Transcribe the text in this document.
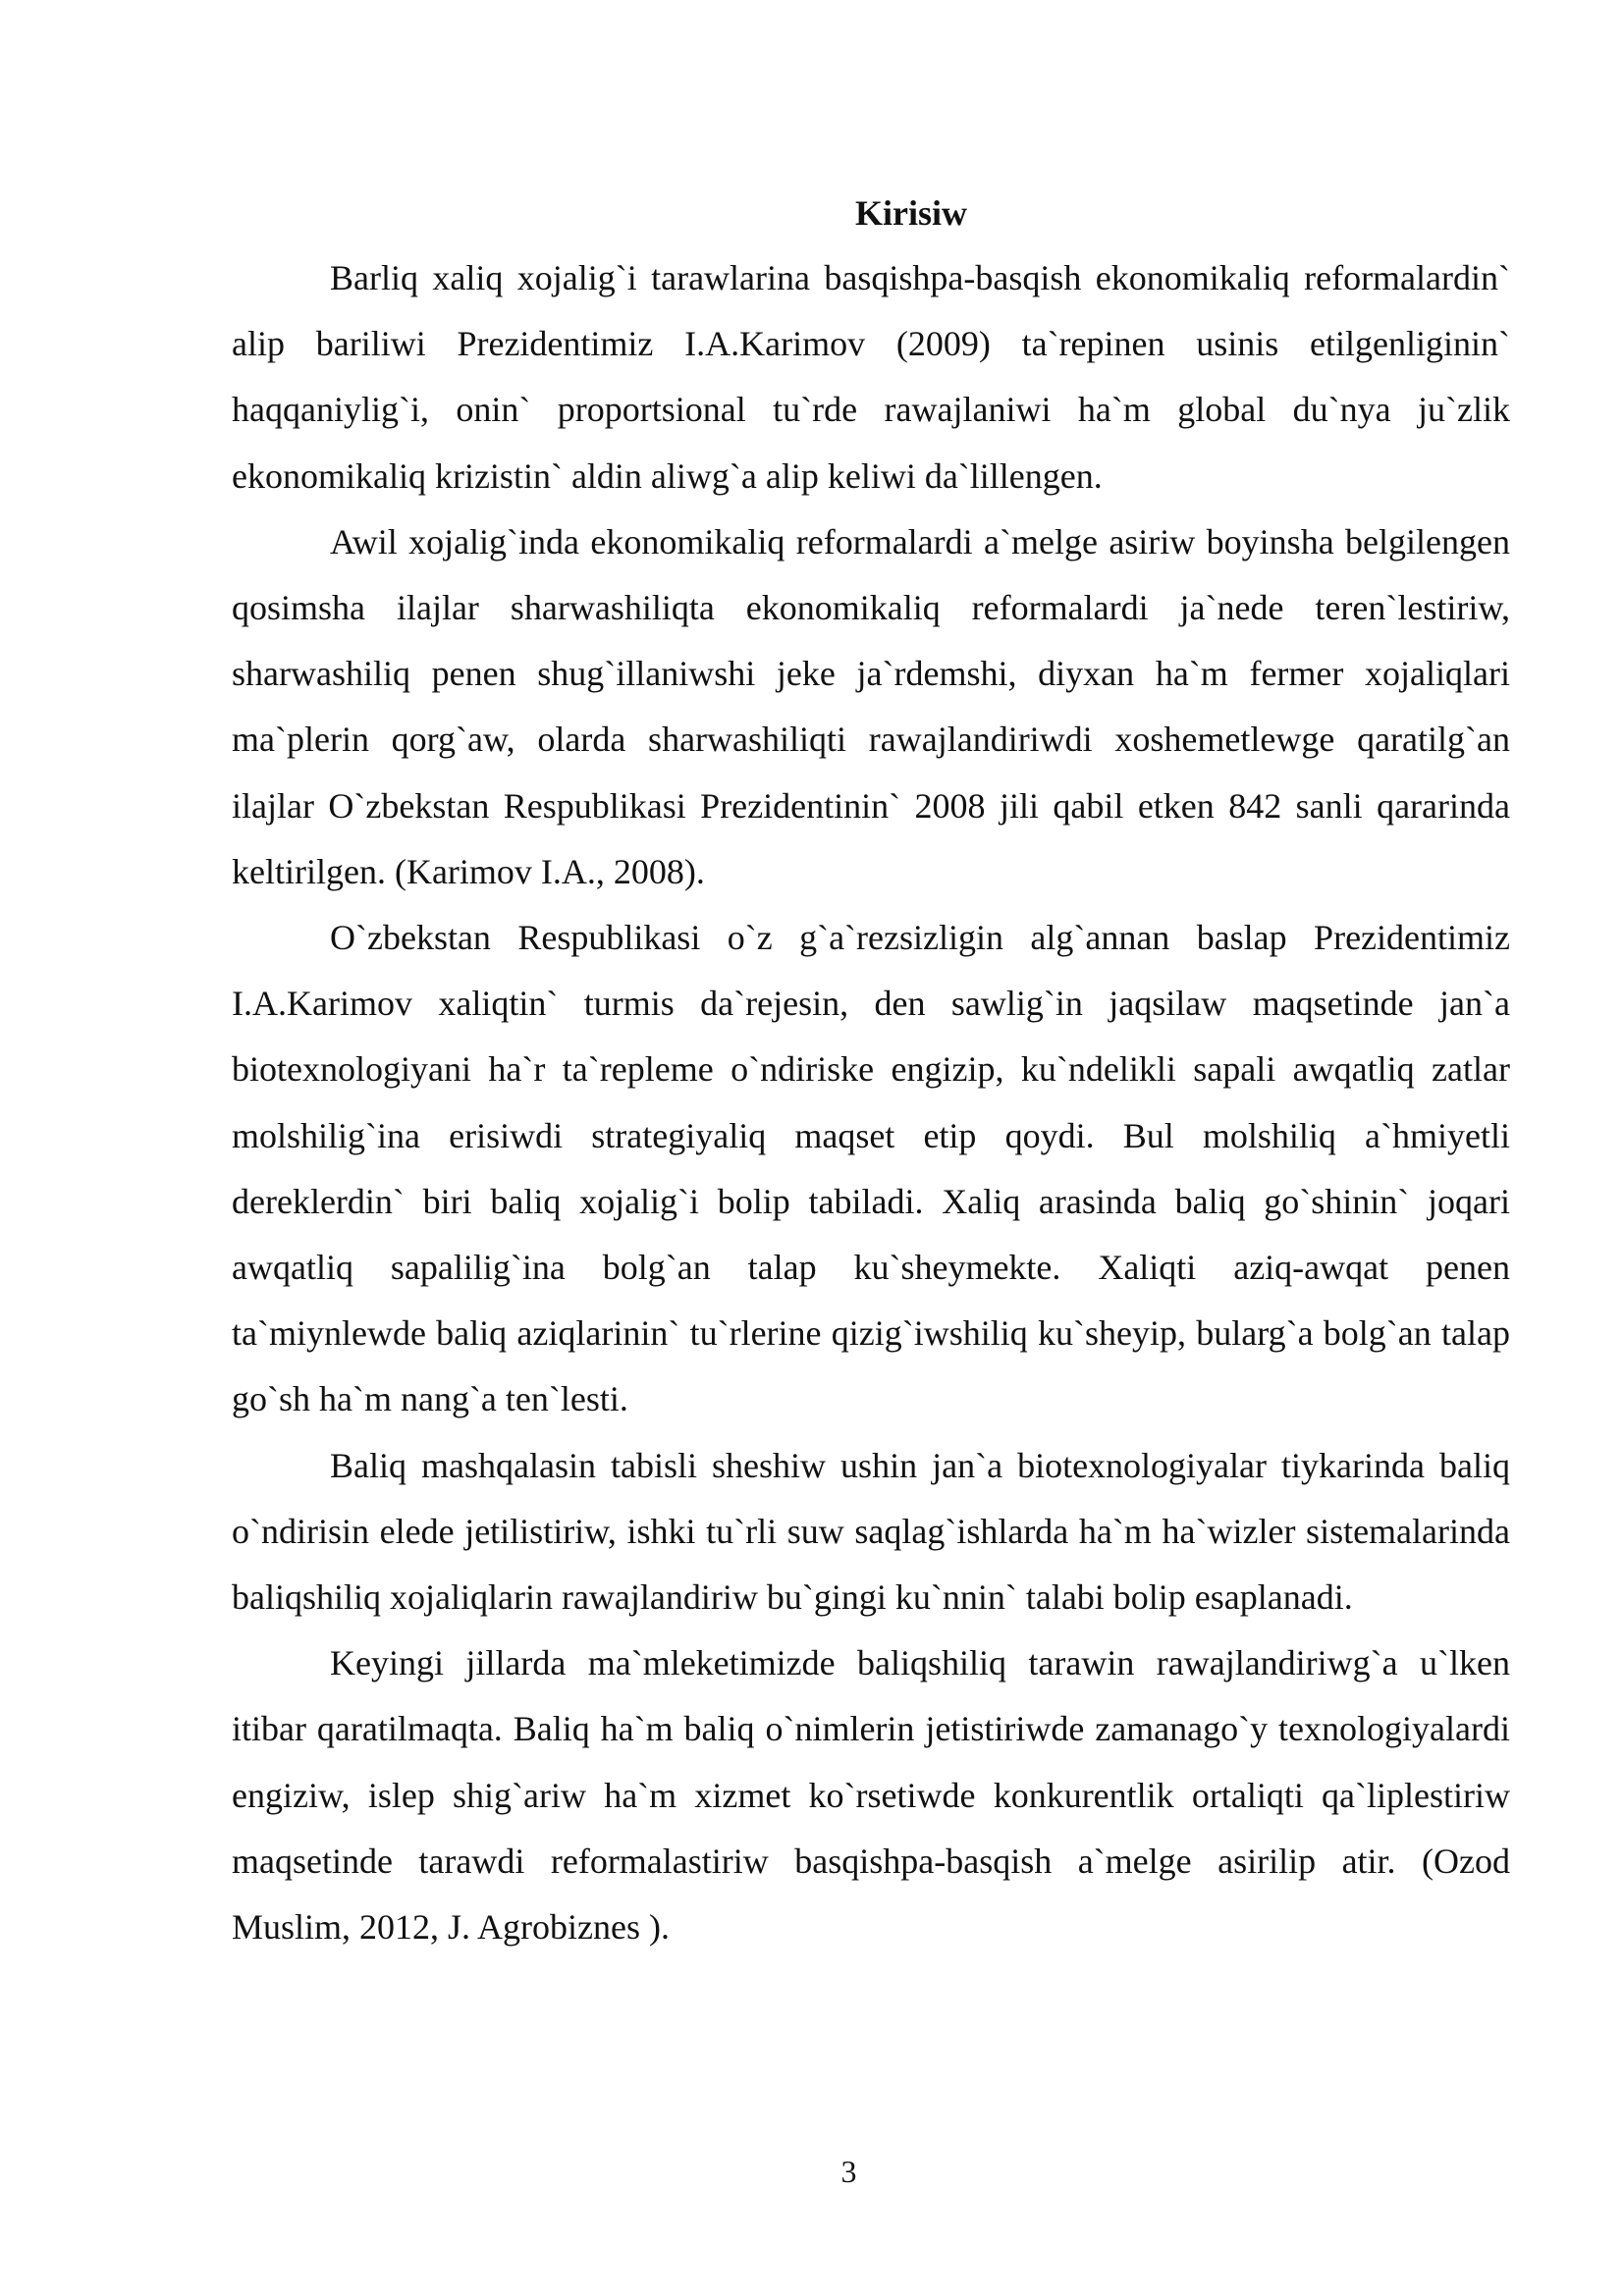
Kirisiw

Barliq xaliq xojalig`i tarawlarina basqishpa-basqish ekonomikaliq reformalardin` alip bariliwi Prezidentimiz I.A.Karimov (2009) ta`repinen usinis etilgenliginin` haqqaniylig`i, onin` proportsional tu`rde rawajlaniwi ha`m global du`nya ju`zlik ekonomikaliq krizistin` aldin aliwg`a alip keliwi da`lillengen.

Awil xojalig`inda ekonomikaliq reformalardi a`melge asiriw boyinsha belgilengen qosimsha ilajlar sharwashiliqta ekonomikaliq reformalardi ja`nede teren`lestiriw, sharwashiliq penen shug`illaniwshi jeke ja`rdemshi, diyxan ha`m fermer xojaliqlari ma`plerin qorg`aw, olarda sharwashiliqti rawajlandiriwdi xoshemetlewge qaratilg`an ilajlar O`zbekstan Respublikasi Prezidentinin` 2008 jili qabil etken 842 sanli qararinda keltirilgen. (Karimov I.A., 2008).

O`zbekstan Respublikasi o`z g`a`rezsizligin alg`annan baslap Prezidentimiz I.A.Karimov xaliqtin` turmis da`rejesin, den sawlig`in jaqsilaw maqsetinde jan`a biotexnologiyani ha`r ta`repleme o`ndiriske engizip, ku`ndelikli sapali awqatliq zatlar molshilig`ina erisiwdi strategiyaliq maqset etip qoydi. Bul molshiliq a`hmiyetli dereklerdin` biri baliq xojalig`i bolip tabiladi. Xaliq arasinda baliq go`shinin` joqari awqatliq sapalilig`ina bolg`an talap ku`sheymekte. Xaliqti aziq-awqat penen ta`miynlewde baliq aziqlarinin` tu`rlerine qizig`iwshiliq ku`sheyip, bularg`a bolg`an talap go`sh ha`m nang`a ten`lesti.

Baliq mashqalasin tabisli sheshiw ushin jan`a biotexnologiyalar tiykarinda baliq o`ndirisin elede jetilistiriw, ishki tu`rli suw saqlag`ishlarda ha`m ha`wizler sistemalarinda baliqshiliq xojaliqlarin rawajlandiriw bu`gingi ku`nnin` talabi bolip esaplanadi.

Keyingi jillarda ma`mleketimizde baliqshiliq tarawin rawajlandiriwg`a u`lken itibar qaratilmaqta. Baliq ha`m baliq o`nimlerin jetistiriwde zamanago`y texnologiyalardi engiziw, islep shig`ariw ha`m xizmet ko`rsetiwde konkurentlik ortaliqti qa`liplestiriw maqsetinde tarawdi reformalastiriw basqishpa-basqish a`melge asirilip atir. (Ozod Muslim, 2012, J. Agrobiznes ).

3
